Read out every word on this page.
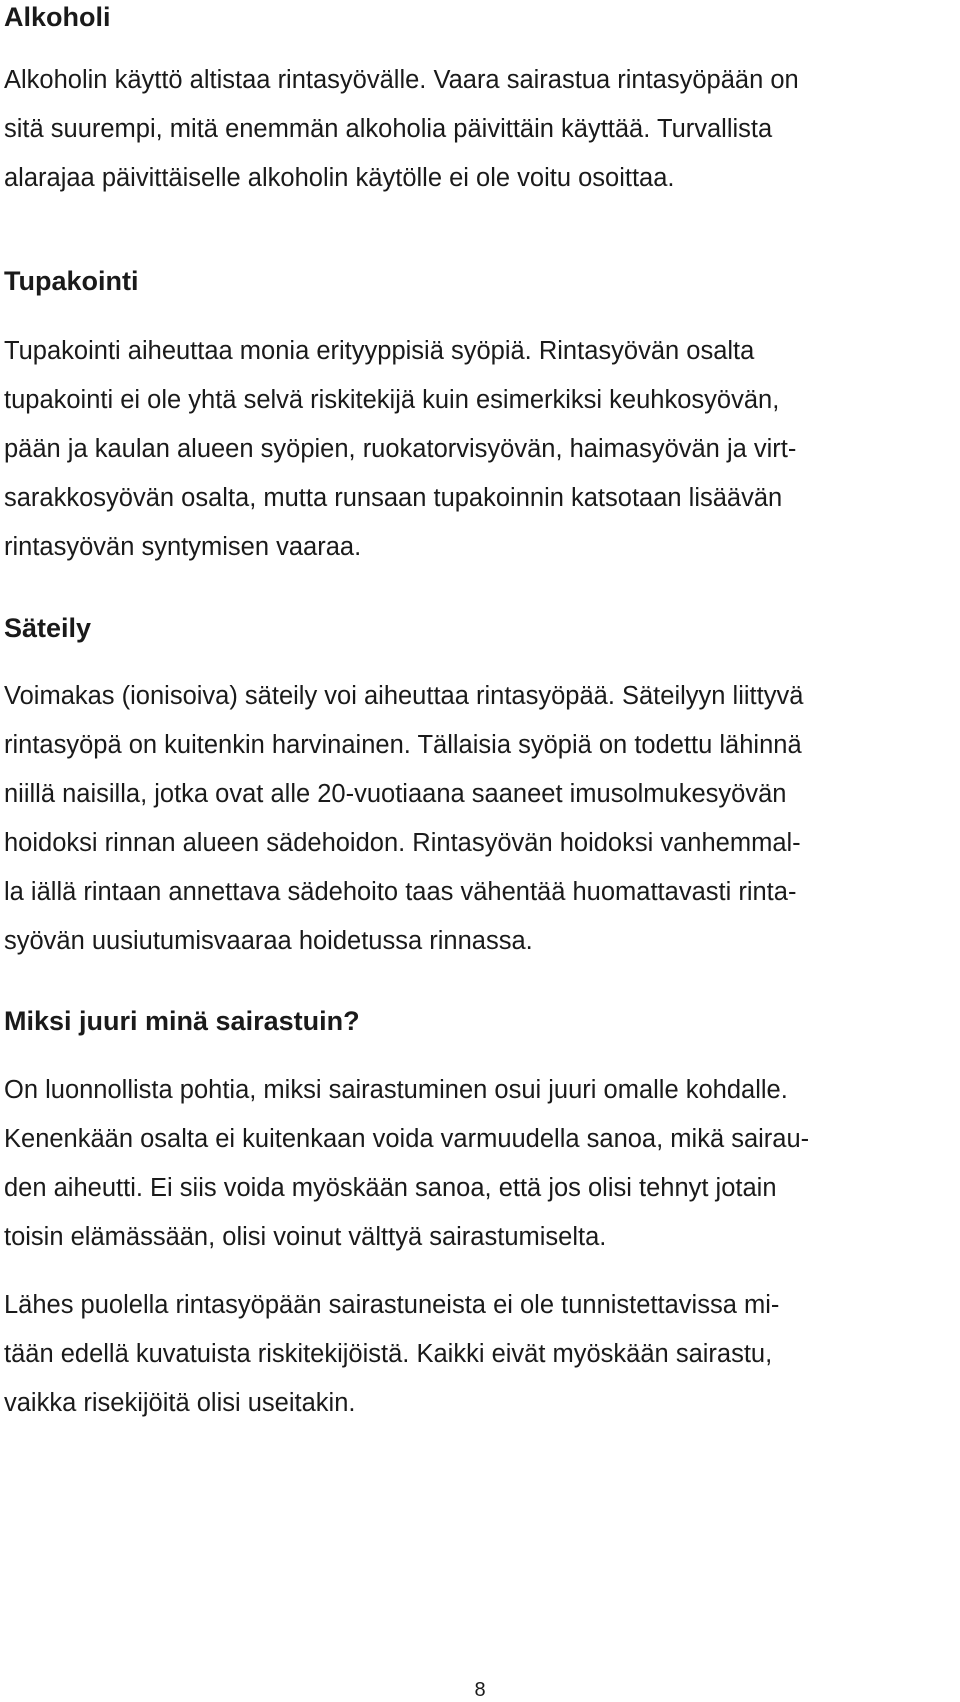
Alkoholi
Alkoholin käyttö altistaa rintasyövälle. Vaara sairastua rintasyöpään on
sitä suurempi, mitä enemmän alkoholia päivittäin käyttää. Turvallista
alarajaa päivittäiselle alkoholin käytölle ei ole voitu osoittaa.
Tupakointi
Tupakointi aiheuttaa monia erityyppisiä syöpiä. Rintasyövän osalta
tupakointi ei ole yhtä selvä riskitekijä kuin esimerkiksi keuhkosyövän,
pään ja kaulan alueen syöpien, ruokatorvisyövän, haimasyövän ja virt-
sarakkosyövän osalta, mutta runsaan tupakoinnin katsotaan lisäävän
rintasyövän syntymisen vaaraa.
Säteily
Voimakas (ionisoiva) säteily voi aiheuttaa rintasyöpää. Säteilyyn liittyvä
rintasyöpä on kuitenkin harvinainen. Tällaisia syöpiä on todettu lähinnä
niillä naisilla, jotka ovat alle 20-vuotiaana saaneet imusolmukesyövän
hoidoksi rinnan alueen sädehoidon. Rintasyövän hoidoksi vanhemmal-
la iällä rintaan annettava sädehoito taas vähentää huomattavasti rinta-
syövän uusiutumisvaaraa hoidetussa rinnassa.
Miksi juuri minä sairastuin?
On luonnollista pohtia, miksi sairastuminen osui juuri omalle kohdalle.
Kenenkään osalta ei kuitenkaan voida varmuudella sanoa, mikä sairau-
den aiheutti. Ei siis voida myöskään sanoa, että jos olisi tehnyt jotain
toisin elämässään, olisi voinut välttyä sairastumiselta.
Lähes puolella rintasyöpään sairastuneista ei ole tunnistettavissa mi-
tään edellä kuvatuista riskitekijöistä. Kaikki eivät myöskään sairastu,
vaikka risekijöitä olisi useitakin.
8
